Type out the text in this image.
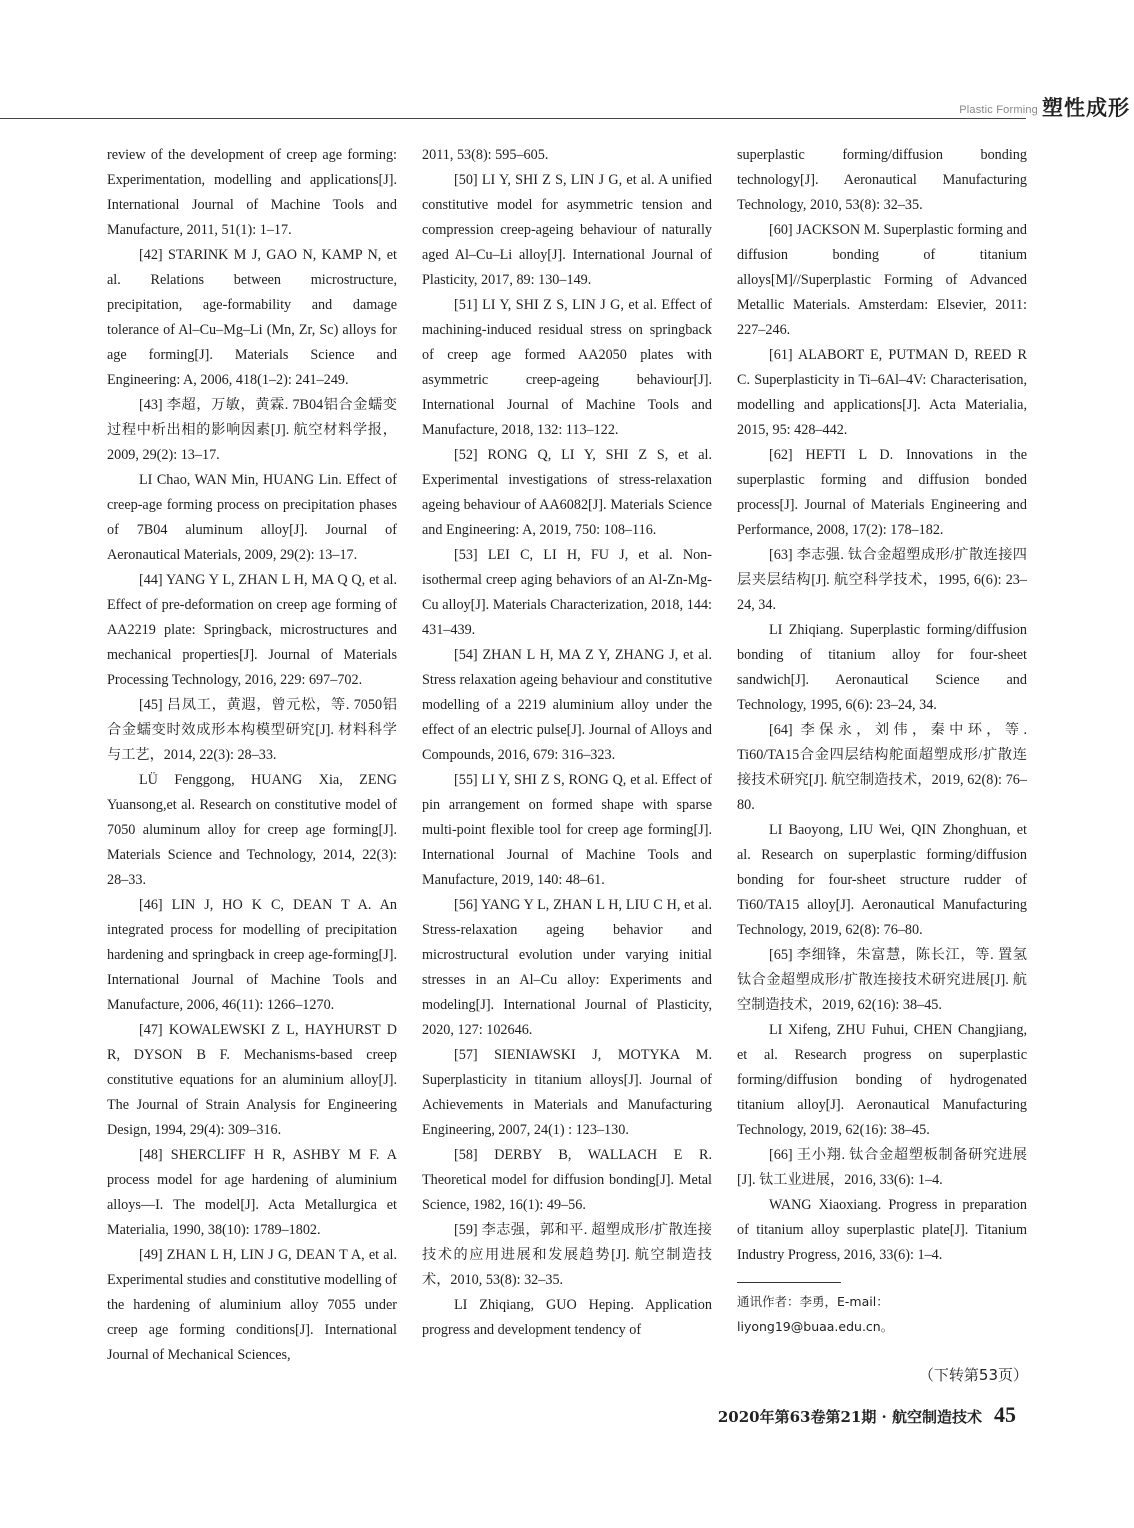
Plastic Forming 塑性成形

review of the development of creep age forming: Experimentation, modelling and applications[J]. International Journal of Machine Tools and Manufacture, 2011, 51(1): 1–17.

[42] STARINK M J, GAO N, KAMP N, et al. Relations between microstructure, precipitation, age-formability and damage tolerance of Al–Cu–Mg–Li (Mn, Zr, Sc) alloys for age forming[J]. Materials Science and Engineering: A, 2006, 418(1–2): 241–249.

[43] 李超，万敏，黄霖. 7B04铝合金蠕变过程中析出相的影响因素[J]. 航空材料学报，2009, 29(2): 13–17.

LI Chao, WAN Min, HUANG Lin. Effect of creep-age forming process on precipitation phases of 7B04 aluminum alloy[J]. Journal of Aeronautical Materials, 2009, 29(2): 13–17.

[44] YANG Y L, ZHAN L H, MA Q Q, et al. Effect of pre-deformation on creep age forming of AA2219 plate: Springback, microstructures and mechanical properties[J]. Journal of Materials Processing Technology, 2016, 229: 697–702.

[45] 吕凤工，黄遐，曾元松，等. 7050铝合金蠕变时效成形本构模型研究[J]. 材料科学与工艺，2014, 22(3): 28–33.

LÜ Fenggong, HUANG Xia, ZENG Yuansong,et al. Research on constitutive model of 7050 aluminum alloy for creep age forming[J]. Materials Science and Technology, 2014, 22(3): 28–33.

[46] LIN J, HO K C, DEAN T A. An integrated process for modelling of precipitation hardening and springback in creep age-forming[J]. International Journal of Machine Tools and Manufacture, 2006, 46(11): 1266–1270.

[47] KOWALEWSKI Z L, HAYHURST D R, DYSON B F. Mechanisms-based creep constitutive equations for an aluminium alloy[J]. The Journal of Strain Analysis for Engineering Design, 1994, 29(4): 309–316.

[48] SHERCLIFF H R, ASHBY M F. A process model for age hardening of aluminium alloys—I. The model[J]. Acta Metallurgica et Materialia, 1990, 38(10): 1789–1802.

[49] ZHAN L H, LIN J G, DEAN T A, et al. Experimental studies and constitutive modelling of the hardening of aluminium alloy 7055 under creep age forming conditions[J]. International Journal of Mechanical Sciences,

2011, 53(8): 595–605.

[50] LI Y, SHI Z S, LIN J G, et al. A unified constitutive model for asymmetric tension and compression creep-ageing behaviour of naturally aged Al–Cu–Li alloy[J]. International Journal of Plasticity, 2017, 89: 130–149.

[51] LI Y, SHI Z S, LIN J G, et al. Effect of machining-induced residual stress on springback of creep age formed AA2050 plates with asymmetric creep-ageing behaviour[J]. International Journal of Machine Tools and Manufacture, 2018, 132: 113–122.

[52] RONG Q, LI Y, SHI Z S, et al. Experimental investigations of stress-relaxation ageing behaviour of AA6082[J]. Materials Science and Engineering: A, 2019, 750: 108–116.

[53] LEI C, LI H, FU J, et al. Non-isothermal creep aging behaviors of an Al-Zn-Mg-Cu alloy[J]. Materials Characterization, 2018, 144: 431–439.

[54] ZHAN L H, MA Z Y, ZHANG J, et al. Stress relaxation ageing behaviour and constitutive modelling of a 2219 aluminium alloy under the effect of an electric pulse[J]. Journal of Alloys and Compounds, 2016, 679: 316–323.

[55] LI Y, SHI Z S, RONG Q, et al. Effect of pin arrangement on formed shape with sparse multi-point flexible tool for creep age forming[J]. International Journal of Machine Tools and Manufacture, 2019, 140: 48–61.

[56] YANG Y L, ZHAN L H, LIU C H, et al. Stress-relaxation ageing behavior and microstructural evolution under varying initial stresses in an Al–Cu alloy: Experiments and modeling[J]. International Journal of Plasticity, 2020, 127: 102646.

[57] SIENIAWSKI J, MOTYKA M. Superplasticity in titanium alloys[J]. Journal of Achievements in Materials and Manufacturing Engineering, 2007, 24(1) : 123–130.

[58] DERBY B, WALLACH E R. Theoretical model for diffusion bonding[J]. Metal Science, 1982, 16(1): 49–56.

[59] 李志强，郭和平. 超塑成形/扩散连接技术的应用进展和发展趋势[J]. 航空制造技术，2010, 53(8): 32–35.

LI Zhiqiang, GUO Heping. Application progress and development tendency of

superplastic forming/diffusion bonding technology[J]. Aeronautical Manufacturing Technology, 2010, 53(8): 32–35.

[60] JACKSON M. Superplastic forming and diffusion bonding of titanium alloys[M]//Superplastic Forming of Advanced Metallic Materials. Amsterdam: Elsevier, 2011: 227–246.

[61] ALABORT E, PUTMAN D, REED R C. Superplasticity in Ti–6Al–4V: Characterisation, modelling and applications[J]. Acta Materialia, 2015, 95: 428–442.

[62] HEFTI L D. Innovations in the superplastic forming and diffusion bonded process[J]. Journal of Materials Engineering and Performance, 2008, 17(2): 178–182.

[63] 李志强. 钛合金超塑成形/扩散连接四层夹层结构[J]. 航空科学技术，1995, 6(6): 23–24, 34.

LI Zhiqiang. Superplastic forming/diffusion bonding of titanium alloy for four-sheet sandwich[J]. Aeronautical Science and Technology, 1995, 6(6): 23–24, 34.

[64] 李保永，刘伟，秦中环，等. Ti60/TA15合金四层结构舵面超塑成形/扩散连接技术研究[J]. 航空制造技术，2019, 62(8): 76–80.

LI Baoyong, LIU Wei, QIN Zhonghuan, et al. Research on superplastic forming/diffusion bonding for four-sheet structure rudder of Ti60/TA15 alloy[J]. Aeronautical Manufacturing Technology, 2019, 62(8): 76–80.

[65] 李细锋，朱富慧，陈长江，等. 置氢钛合金超塑成形/扩散连接技术研究进展[J]. 航空制造技术，2019, 62(16): 38–45.

LI Xifeng, ZHU Fuhui, CHEN Changjiang, et al. Research progress on superplastic forming/diffusion bonding of hydrogenated titanium alloy[J]. Aeronautical Manufacturing Technology, 2019, 62(16): 38–45.

[66] 王小翔. 钛合金超塑板制备研究进展[J]. 钛工业进展，2016, 33(6): 1–4.

WANG Xiaoxiang. Progress in preparation of titanium alloy superplastic plate[J]. Titanium Industry Progress, 2016, 33(6): 1–4.

通讯作者：李勇，E-mail：liyong19@buaa.edu.cn。

（下转第53页）
2020年第63卷第21期 · 航空制造技术 45
